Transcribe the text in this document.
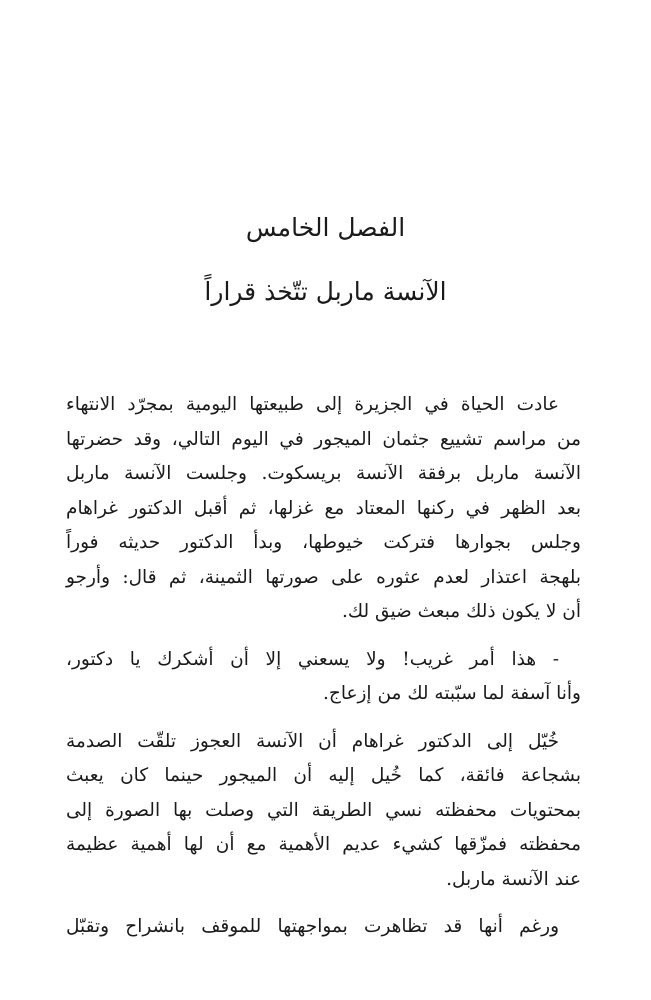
الفصل الخامس
الآنسة ماربل تتّخذ قراراً

عادت الحياة في الجزيرة إلى طبيعتها اليومية بمجرّد الانتهاء
من مراسم تشييع جثمان الميجور في اليوم التالي، وقد حضرتها
الآنسة ماربل برفقة الآنسة بريسكوت. وجلست الآنسة ماربل
بعد الظهر في ركنها المعتاد مع غزلها، ثم أقبل الدكتور غراهام
وجلس بجوارها فتركت خيوطها، وبدأ الدكتور حديثه فوراً
بلهجة اعتذار لعدم عثوره على صورتها الثمينة، ثم قال: وأرجو
أن لا يكون ذلك مبعث ضيق لك.

- هذا أمر غريب! ولا يسعني إلا أن أشكرك يا دكتور،
وأنا آسفة لما سبّبته لك من إزعاج.

خُيّل إلى الدكتور غراهام أن الآنسة العجوز تلقّت الصدمة
بشجاعة فائقة، كما خُيل إليه أن الميجور حينما كان يعبث
بمحتويات محفظته نسي الطريقة التي وصلت بها الصورة إلى
محفظته فمزّقها كشيء عديم الأهمية مع أن لها أهمية عظيمة
عند الآنسة ماربل.

ورغم أنها قد تظاهرت بمواجهتها للموقف بانشراح وتقبّل
